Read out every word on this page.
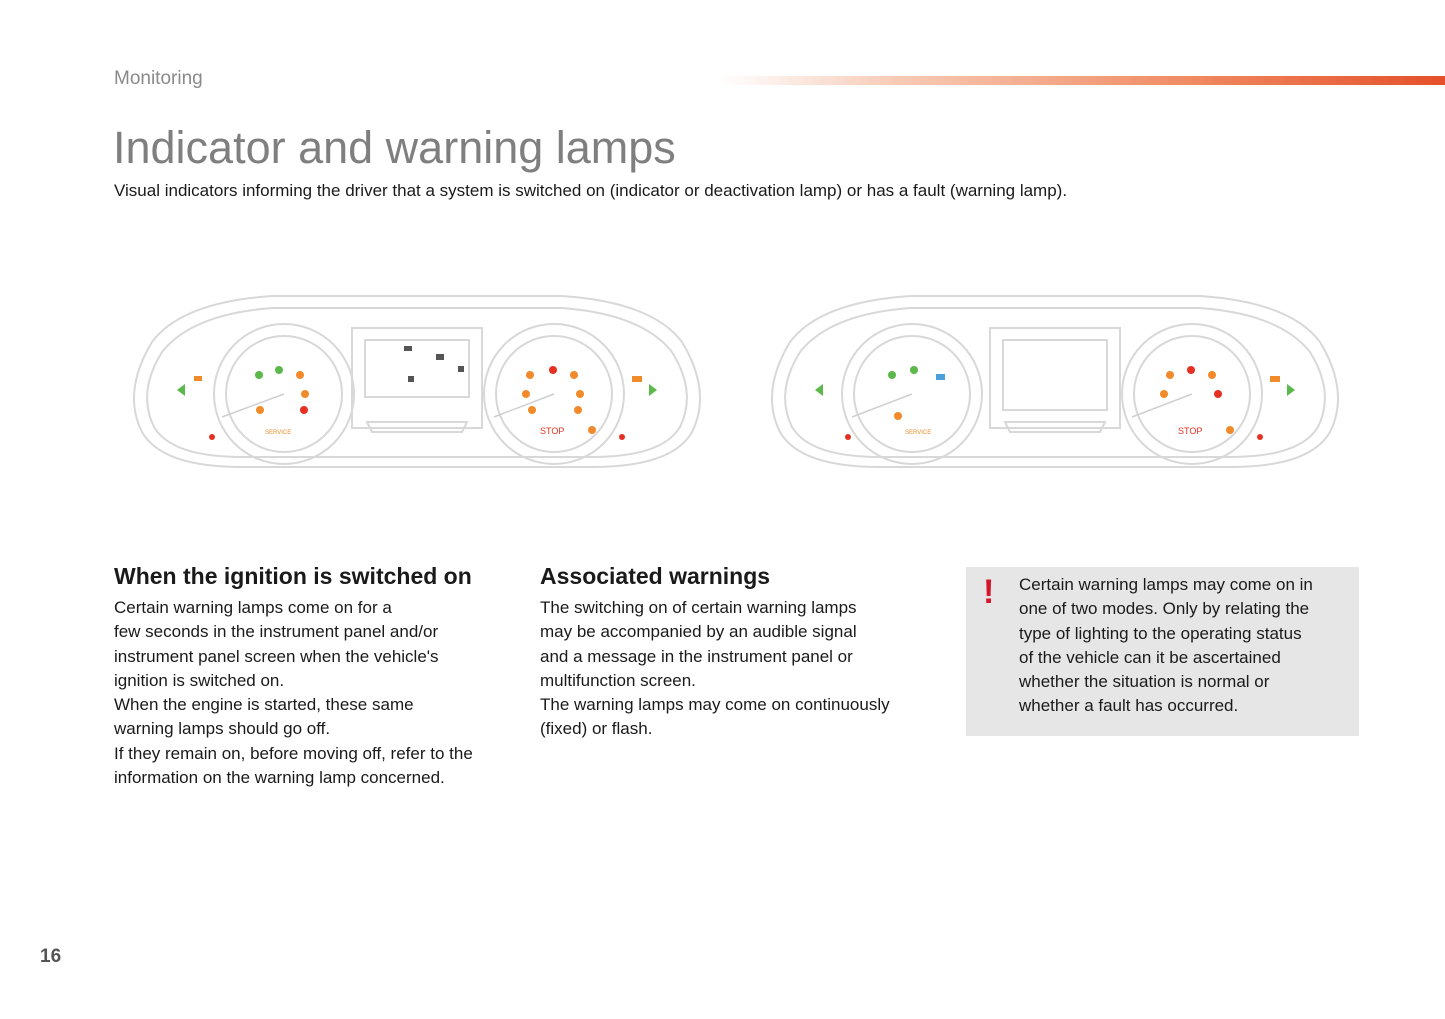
Monitoring
Indicator and warning lamps

Visual indicators informing the driver that a system is switched on (indicator or deactivation lamp) or has a fault (warning lamp).

SERVICE	STOP	SERVICE	STOP
When the ignition is switched on

Certain warning lamps come on for a
few seconds in the instrument panel and/or
instrument panel screen when the vehicle's
ignition is switched on.
When the engine is started, these same
warning lamps should go off.
If they remain on, before moving off, refer to the
information on the warning lamp concerned.

Associated warnings

The switching on of certain warning lamps
may be accompanied by an audible signal
and a message in the instrument panel or
multifunction screen.
The warning lamps may come on continuously
(fixed) or flash.

! Certain warning lamps may come on in
one of two modes. Only by relating the
type of lighting to the operating status
of the vehicle can it be ascertained
whether the situation is normal or
whether a fault has occurred.

16
